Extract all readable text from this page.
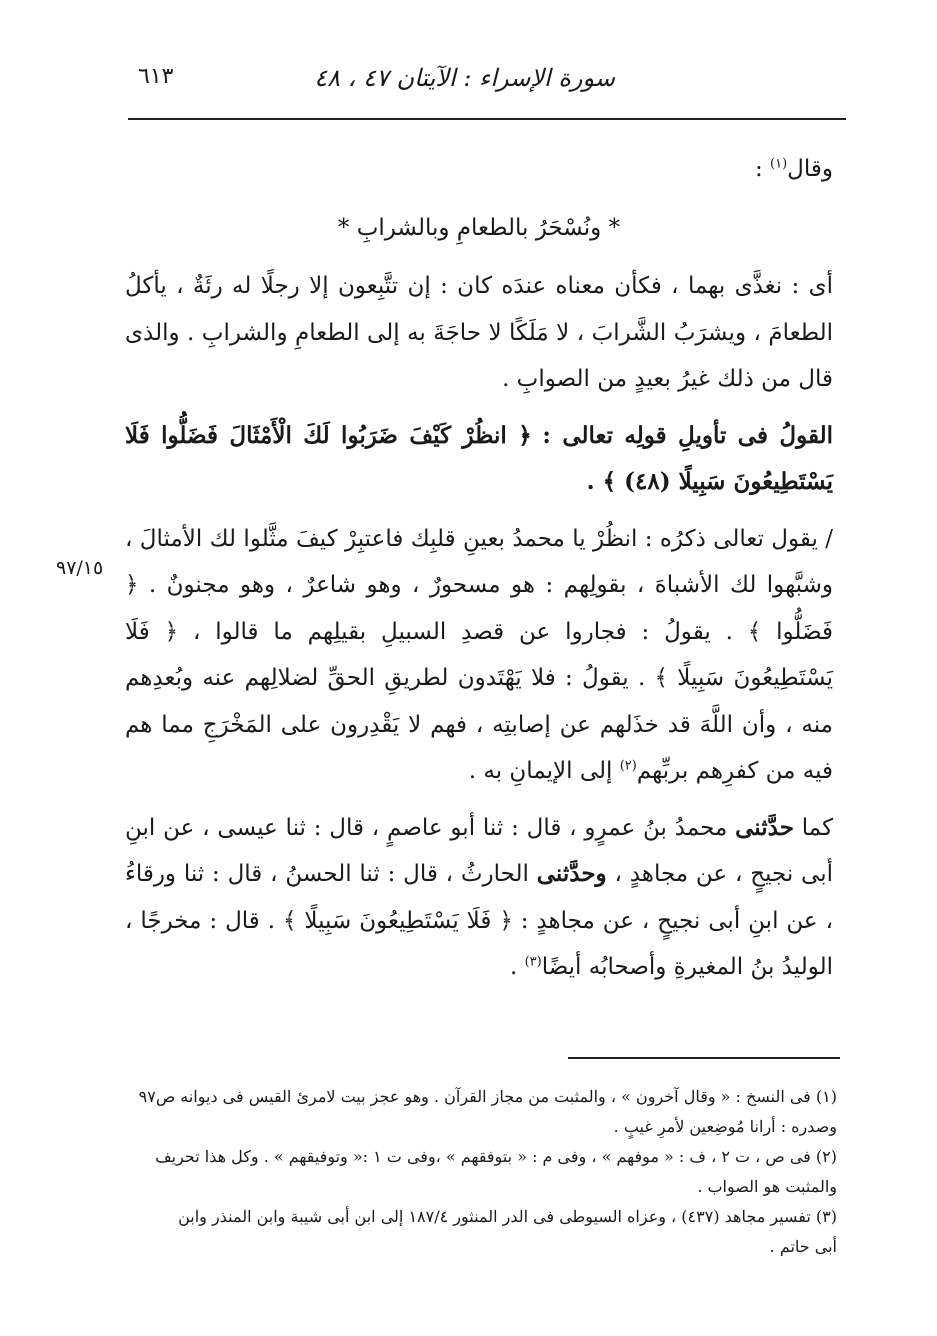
سورة الإسراء : الآيتان ٤٧ ، ٤٨
٦١٣
٩٧/١٥

وقال$^{(١)}$ :

* ونُسْحَرُ بالطعامِ وبالشرابِ *

أى : نغذَّى بهما ، فكأن معناه عندَه كان : إن تتَّبِعون إلا رجلًا له رئَةٌ ، يأكلُ الطعامَ ، ويشرَبُ الشَّرابَ ، لا مَلَكًا لا حاجَةَ به إلى الطعامِ والشرابِ . والذى قال من ذلك غيرُ بعيدٍ من الصوابِ .

القولُ فى تأويلِ قولِه تعالى : ﴿ انظُرْ كَيْفَ ضَرَبُوا لَكَ الْأَمْثَالَ فَضَلُّوا فَلَا يَسْتَطِيعُونَ سَبِيلًا (٤٨) ﴾ .

/ يقول تعالى ذكرُه : انظُرْ يا محمدُ بعينِ قلبِك فاعتبِرْ كيفَ مثَّلوا لك الأمثالَ ، وشبَّهوا لك الأشباهَ ، بقولِهم : هو مسحورٌ ، وهو شاعرٌ ، وهو مجنونٌ . ﴿ فَضَلُّوا ﴾ . يقولُ : فجاروا عن قصدِ السبيلِ بقيلِهم ما قالوا ، ﴿ فَلَا يَسْتَطِيعُونَ سَبِيلًا ﴾ . يقولُ : فلا يَهْتَدون لطريقِ الحقِّ لضلالِهم عنه وبُعدِهم منه ، وأن اللَّهَ قد خذَلهم عن إصابتِه ، فهم لا يَقْدِرون على المَخْرَجِ مما هم فيه من كفرِهم بربِّهم$^{(٢)}$ إلى الإيمانِ به .

كما حدَّثنى محمدُ بنُ عمرٍو ، قال : ثنا أبو عاصمٍ ، قال : ثنا عيسى ، عن ابنِ أبى نجيحٍ ، عن مجاهدٍ ، وحدَّثنى الحارثُ ، قال : ثنا الحسنُ ، قال : ثنا ورقاءُ ، عن ابنِ أبى نجيحٍ ، عن مجاهدٍ : ﴿ فَلَا يَسْتَطِيعُونَ سَبِيلًا ﴾ . قال : مخرجًا ، الوليدُ بنُ المغيرةِ وأصحابُه أيضًا$^{(٣)}$ .

(١) فى النسخ : « وقال آخرون » ، والمثبت من مجاز القرآن . وهو عجز بيت لامرئ القيس فى ديوانه ص٩٧

وصدره : أرانا مُوضِعين لأمرِ غيبٍ .

(٢) فى ص ، ت ٢ ، ف : « موفهم » ، وفى م : « بتوفقهم » ،وفى ت ١ :« وتوفيقهم » . وكل هذا تحريف

والمثبت هو الصواب .

(٣) تفسير مجاهد (٤٣٧) ، وعزاه السيوطى فى الدر المنثور ١٨٧/٤ إلى ابن أبى شيبة وابن المنذر وابن

أبى حاتم .
